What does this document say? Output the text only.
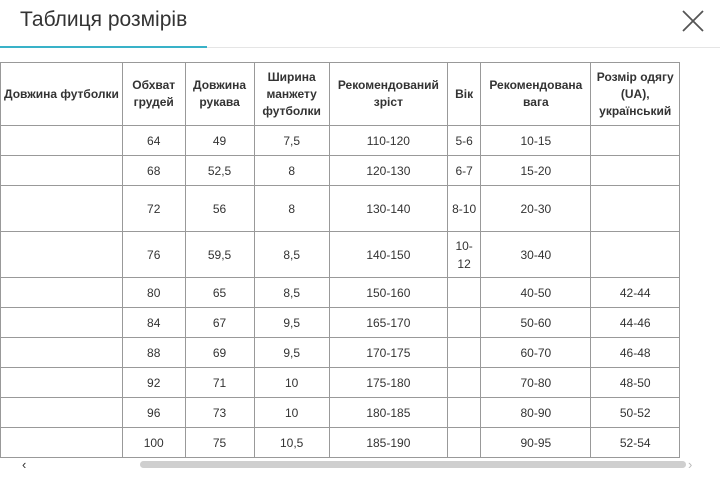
Таблиця розмірів
Довжина футболки	Обхват грудей	Довжина рукава	Ширина манжету футболки	Рекомендований зріст	Вік	Рекомендована вага	Розмір одягу (UA), український
	64	49	7,5	110-120	5-6	10-15	
	68	52,5	8	120-130	6-7	15-20	
	72	56	8	130-140	8-10	20-30	
	76	59,5	8,5	140-150	10-12	30-40	
	80	65	8,5	150-160		40-50	42-44
	84	67	9,5	165-170		50-60	44-46
	88	69	9,5	170-175		60-70	46-48
	92	71	10	175-180		70-80	48-50
	96	73	10	180-185		80-90	50-52
	100	75	10,5	185-190		90-95	52-54
‹	›
